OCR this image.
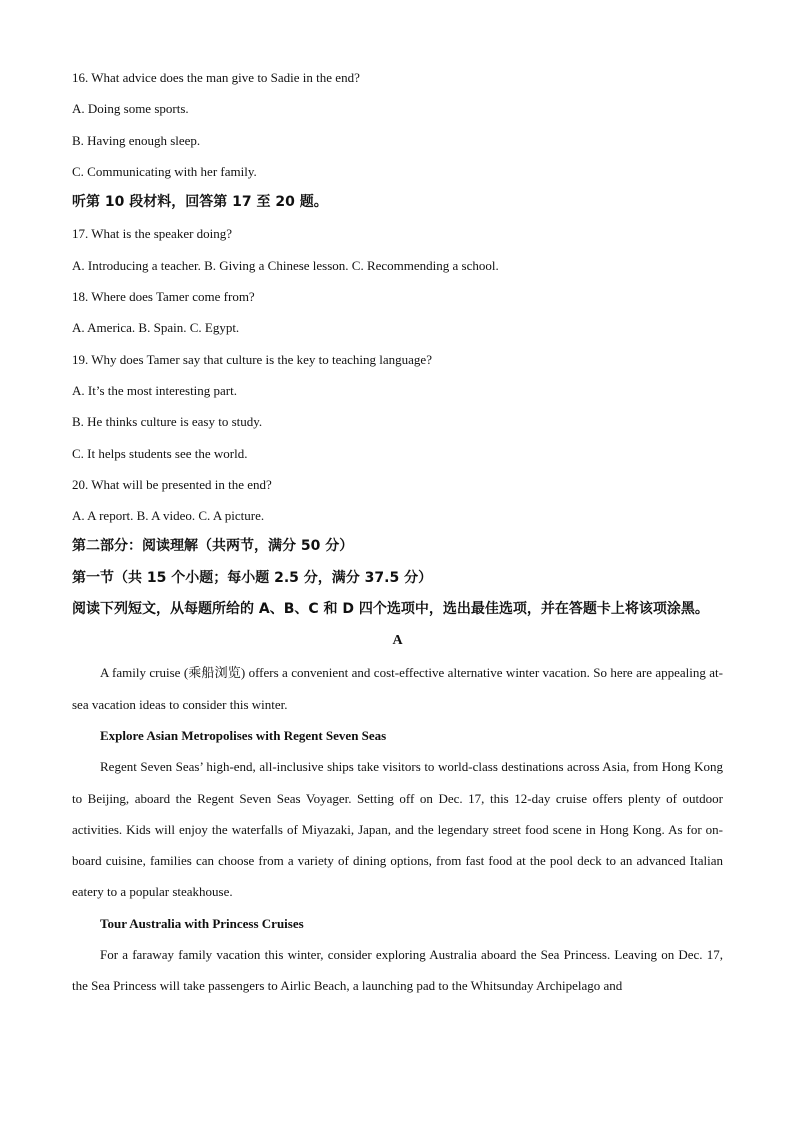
16. What advice does the man give to Sadie in the end?
A. Doing some sports.
B. Having enough sleep.
C. Communicating with her family.
听第 10 段材料，回答第 17 至 20 题。
17. What is the speaker doing?
A. Introducing a teacher. B. Giving a Chinese lesson. C. Recommending a school.
18. Where does Tamer come from?
A. America. B. Spain. C. Egypt.
19. Why does Tamer say that culture is the key to teaching language?
A. It’s the most interesting part.
B. He thinks culture is easy to study.
C. It helps students see the world.
20. What will be presented in the end?
A. A report. B. A video. C. A picture.
第二部分：阅读理解（共两节，满分 50 分）
第一节（共 15 个小题；每小题 2.5 分，满分 37.5 分）
阅读下列短文，从每题所给的 A、B、C 和 D 四个选项中，选出最佳选项，并在答题卡上将该项涂黑。
A
A family cruise (乘船浏览) offers a convenient and cost-effective alternative winter vacation. So here are appealing at-sea vacation ideas to consider this winter.
Explore Asian Metropolises with Regent Seven Seas
Regent Seven Seas’ high-end, all-inclusive ships take visitors to world-class destinations across Asia, from Hong Kong to Beijing, aboard the Regent Seven Seas Voyager. Setting off on Dec. 17, this 12-day cruise offers plenty of outdoor activities. Kids will enjoy the waterfalls of Miyazaki, Japan, and the legendary street food scene in Hong Kong. As for on-board cuisine, families can choose from a variety of dining options, from fast food at the pool deck to an advanced Italian eatery to a popular steakhouse.
Tour Australia with Princess Cruises
For a faraway family vacation this winter, consider exploring Australia aboard the Sea Princess. Leaving on Dec. 17, the Sea Princess will take passengers to Airlic Beach, a launching pad to the Whitsunday Archipelago and
